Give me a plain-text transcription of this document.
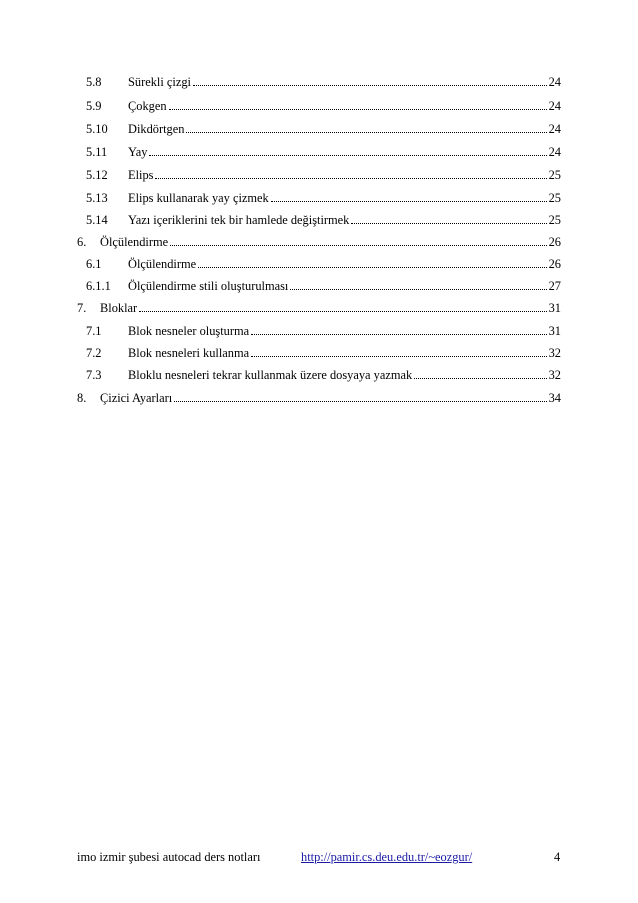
5.8 Sürekli çizgi	24
5.9 Çokgen	24
5.10 Dikdörtgen	24
5.11 Yay	24
5.12 Elips	25
5.13 Elips kullanarak yay çizmek	25
5.14 Yazı içeriklerini tek bir hamlede değiştirmek	25
6. Ölçülendirme	26
6.1 Ölçülendirme	26
6.1.1 Ölçülendirme stili oluşturulması	27
7. Bloklar	31
7.1 Blok nesneler oluşturma	31
7.2 Blok nesneleri kullanma	32
7.3 Bloklu nesneleri tekrar kullanmak üzere dosyaya yazmak	32
8. Çizici Ayarları	34
imo izmir şubesi autocad ders notları	http://pamir.cs.deu.edu.tr/~eozgur/	4
